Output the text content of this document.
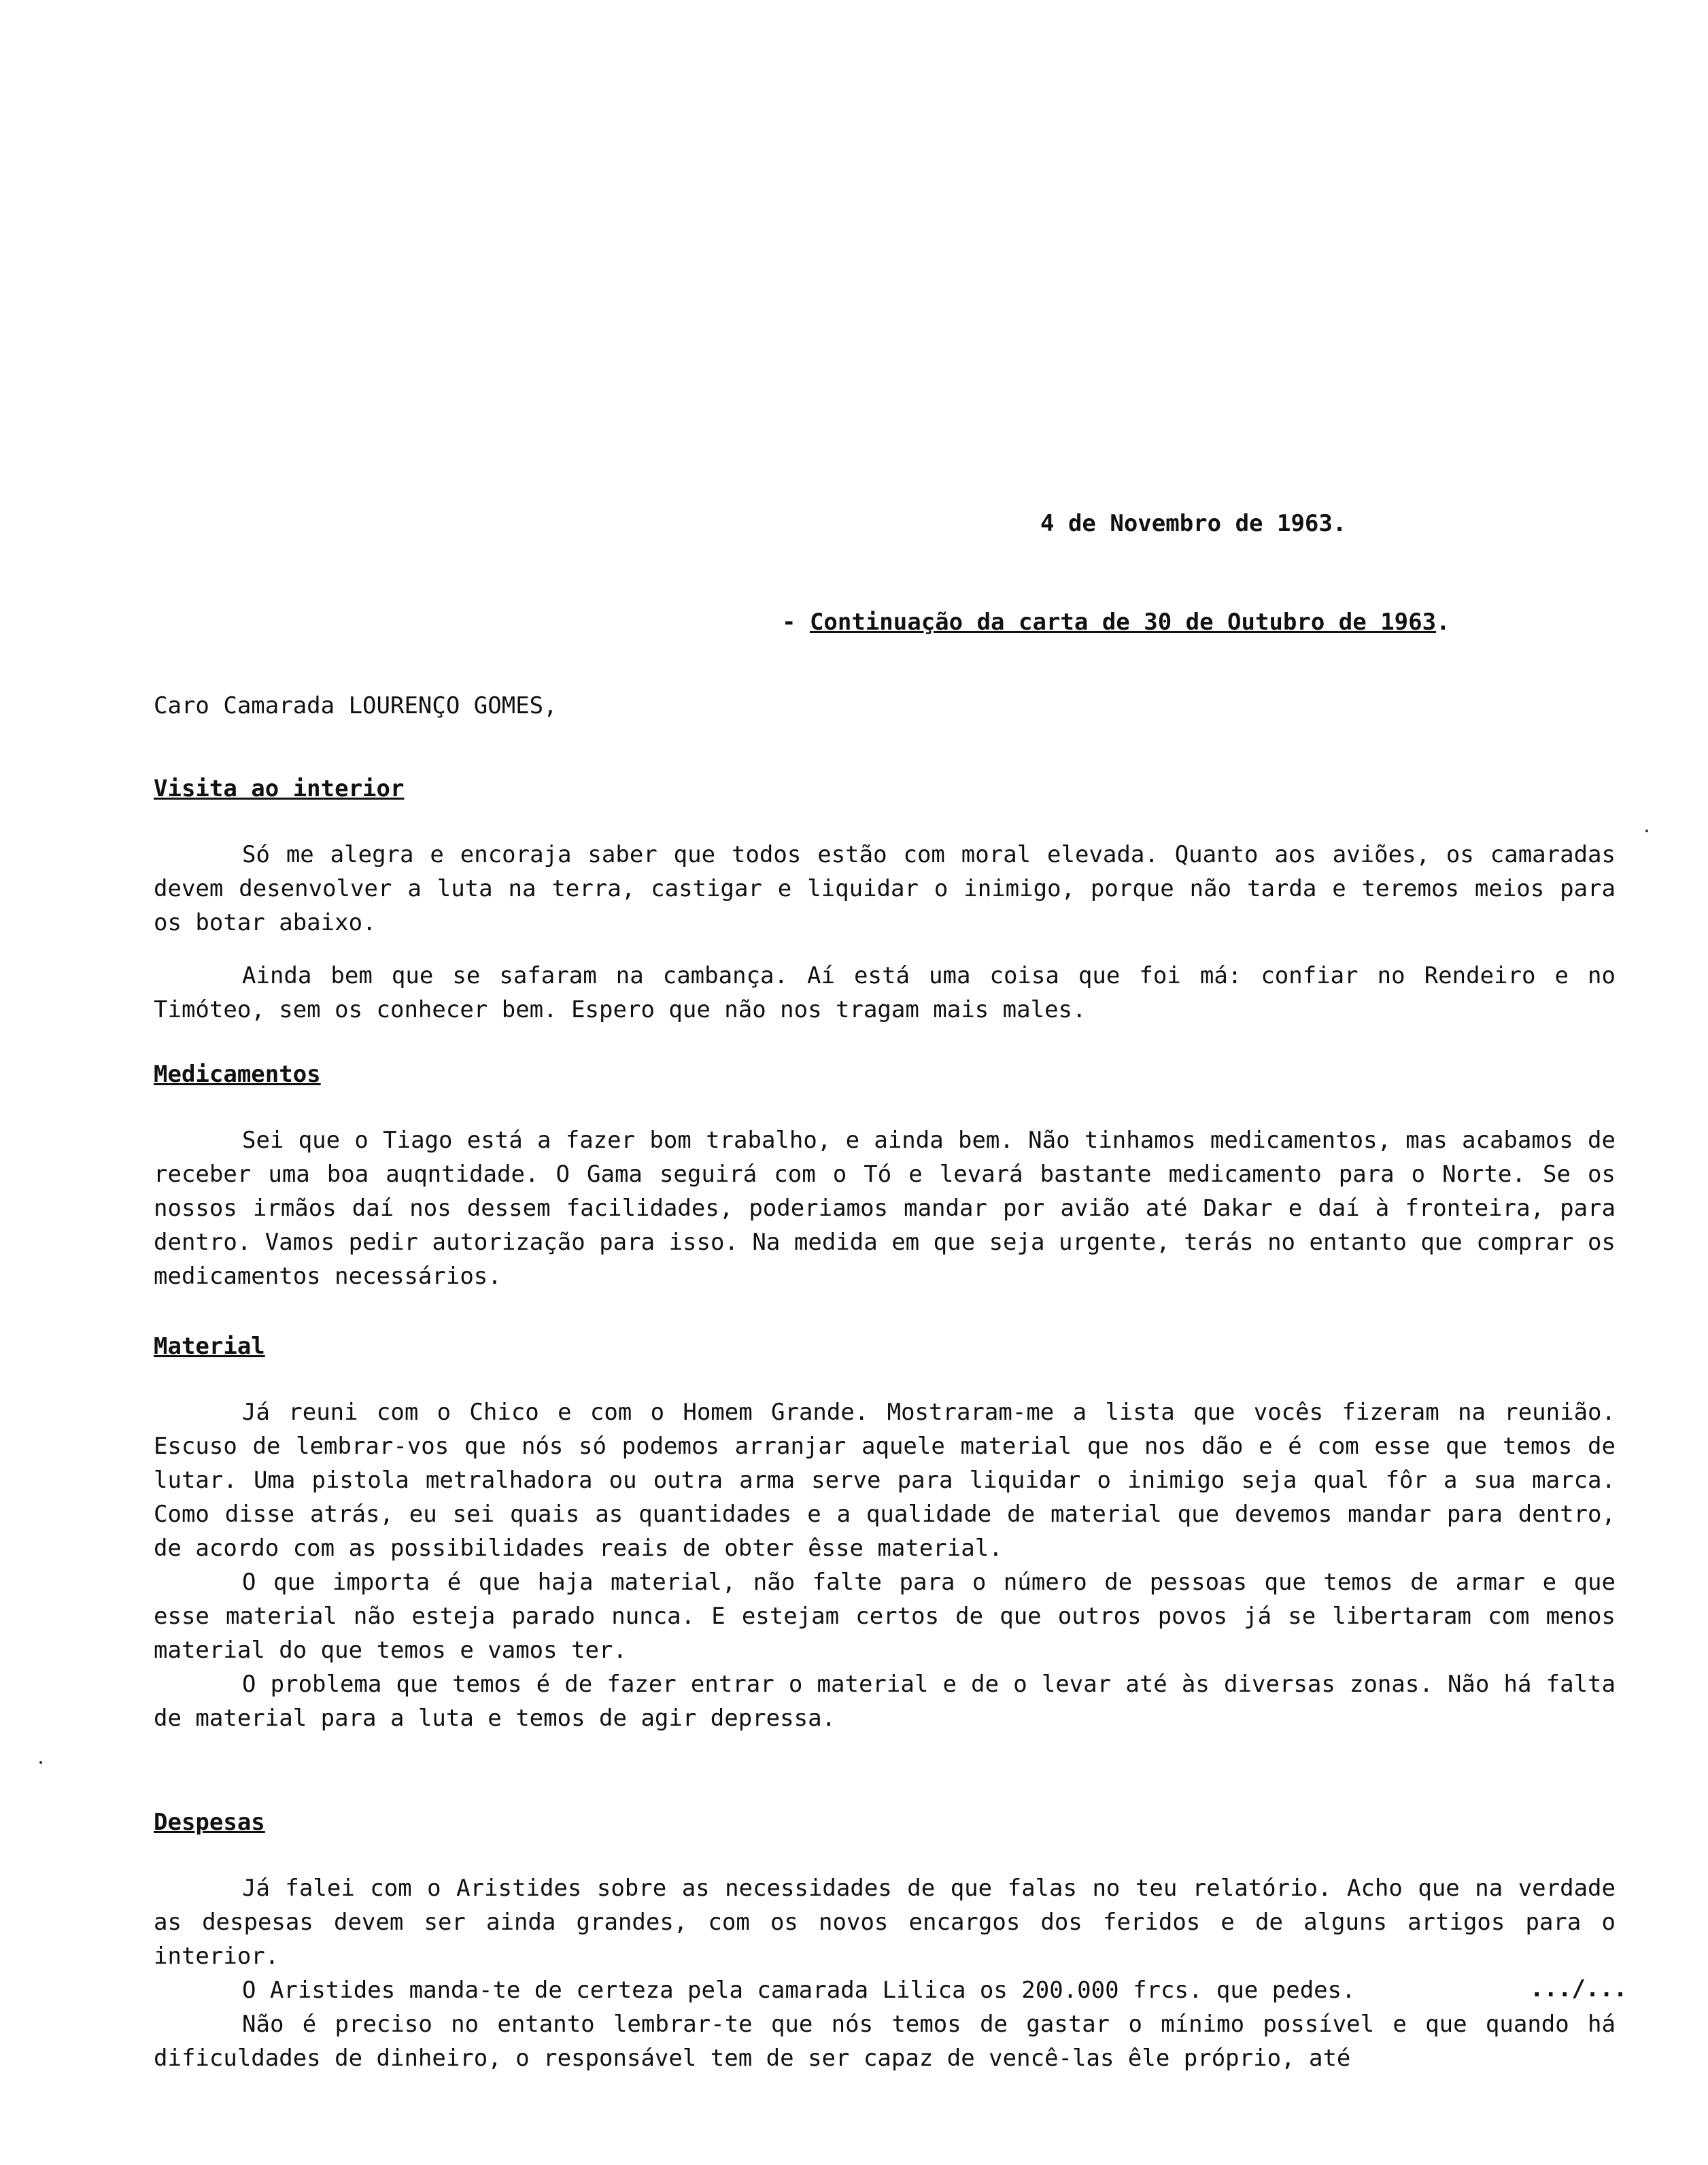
4 de Novembro de 1963.
- Continuação da carta de 30 de Outubro de 1963.
Caro Camarada LOURENÇO GOMES,
Visita ao interior

Só me alegra e encoraja saber que todos estão com moral elevada. Quanto aos aviões, os camaradas devem desenvolver a luta na terra, castigar e liquidar o inimigo, porque não tarda e teremos meios para os botar abaixo.

Ainda bem que se safaram na cambança. Aí está uma coisa que foi má: confiar no Rendeiro e no Timóteo, sem os conhecer bem. Espero que não nos tragam mais males.

Medicamentos

Sei que o Tiago está a fazer bom trabalho, e ainda bem. Não tinhamos medicamentos, mas acabamos de receber uma boa auqntidade. O Gama seguirá com o Tó e levará bastante medicamento para o Norte. Se os nossos irmãos daí nos dessem facilidades, poderiamos mandar por avião até Dakar e daí à fronteira, para dentro. Vamos pedir autorização para isso. Na medida em que seja urgente, terás no entanto que comprar os medicamentos necessários.

Material

Já reuni com o Chico e com o Homem Grande. Mostraram-me a lista que vocês fizeram na reunião. Escuso de lembrar-vos que nós só podemos arranjar aquele material que nos dão e é com esse que temos de lutar. Uma pistola metralhadora ou outra arma serve para liquidar o inimigo seja qual fôr a sua marca. Como disse atrás, eu sei quais as quantidades e a qualidade de material que devemos mandar para dentro, de acordo com as possibilidades reais de obter êsse material.

O que importa é que haja material, não falte para o número de pessoas que temos de armar e que esse material não esteja parado nunca. E estejam certos de que outros povos já se libertaram com menos material do que temos e vamos ter.

O problema que temos é de fazer entrar o material e de o levar até às diversas zonas. Não há falta de material para a luta e temos de agir depressa.

Despesas

Já falei com o Aristides sobre as necessidades de que falas no teu relatório. Acho que na verdade as despesas devem ser ainda grandes, com os novos encargos dos feridos e de alguns artigos para o interior.

O Aristides manda-te de certeza pela camarada Lilica os 200.000 frcs. que pedes.

Não é preciso no entanto lembrar-te que nós temos de gastar o mínimo possível e que quando há dificuldades de dinheiro, o responsável tem de ser capaz de vencê-las êle próprio, até

.../...
